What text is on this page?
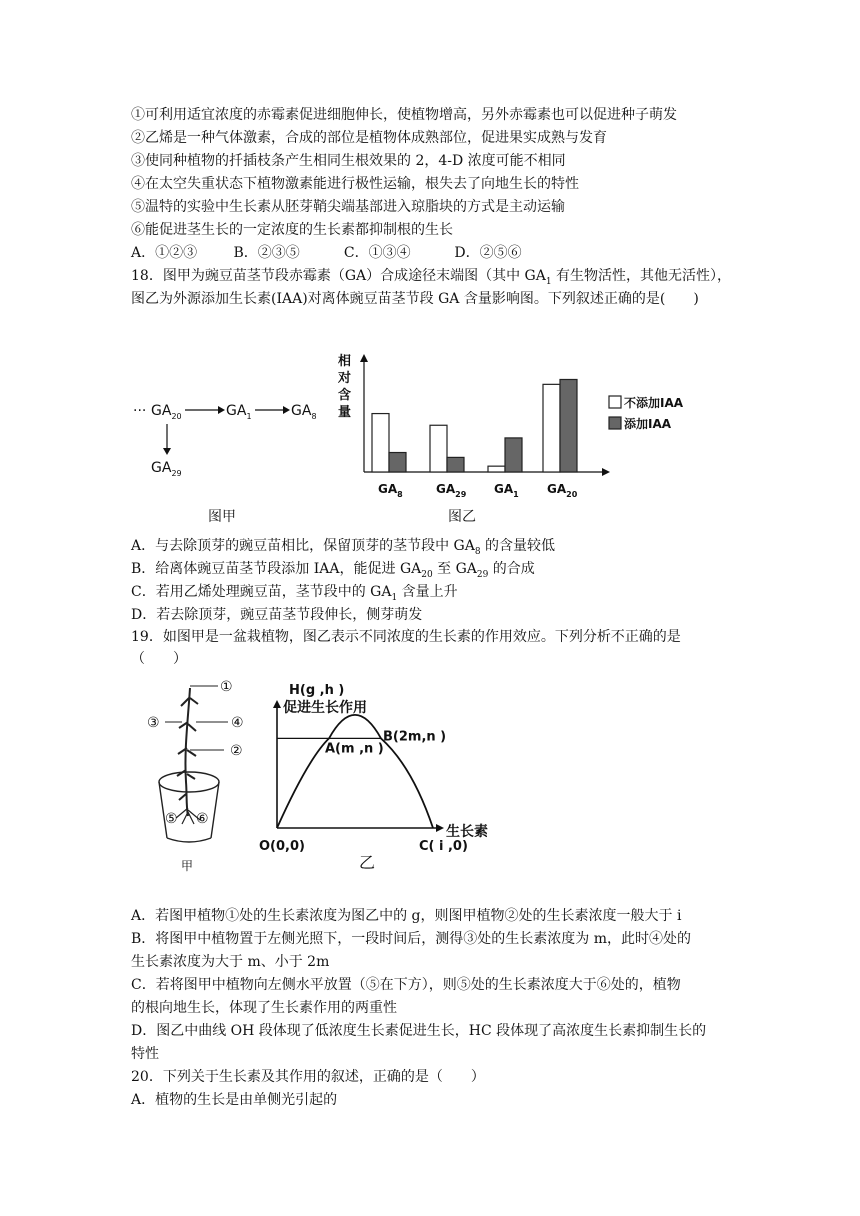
①可利用适宜浓度的赤霉素促进细胞伸长，使植物增高，另外赤霉素也可以促进种子萌发
②乙烯是一种气体激素，合成的部位是植物体成熟部位，促进果实成熟与发育
③使同种植物的扦插枝条产生相同生根效果的 2，4-D 浓度可能不相同
④在太空失重状态下植物激素能进行极性运输，根失去了向地生长的特性
⑤温特的实验中生长素从胚芽鞘尖端基部进入琼脂块的方式是主动运输
⑥能促进茎生长的一定浓度的生长素都抑制根的生长
A．①②③	B．②③⑤	C．①③④	D．②⑤⑥
18．图甲为豌豆苗茎节段赤霉素（GA）合成途径末端图（其中 $GA_1$ 有生物活性，其他无活性），
图乙为外源添加生长素(IAA)对离体豌豆苗茎节段 GA 含量影响图。下列叙述正确的是(　　)
··· $GA_{20}$	$GA_1$	$GA_8$
$GA_{29}$
图甲
相对含量
$GA_8$	$GA_{29}$ $GA_1$ $GA_{20}$
不添加IAA
添加IAA
图乙
A．与去除顶芽的豌豆苗相比，保留顶芽的茎节段中 $GA_8$ 的含量较低
B．给离体豌豆苗茎节段添加 IAA，能促进 $GA_{20}$ 至 $GA_{29}$ 的合成
C．若用乙烯处理豌豆苗，茎节段中的 $GA_1$ 含量上升
D．若去除顶芽，豌豆苗茎节段伸长，侧芽萌发
19．如图甲是一盆栽植物，图乙表示不同浓度的生长素的作用效应。下列分析不正确的是
（　　）
①
②
③	④
⑤ ⑥
甲
促进生长作用
生长素
O(0,0)
A(m ,n )
H(g ,h )
B(2m,n )
C( i ,0)
乙
A．若图甲植物①处的生长素浓度为图乙中的 g，则图甲植物②处的生长素浓度一般大于 i
B．将图甲中植物置于左侧光照下，一段时间后，测得③处的生长素浓度为 m，此时④处的
生长素浓度为大于 m、小于 2m
C．若将图甲中植物向左侧水平放置（⑤在下方），则⑤处的生长素浓度大于⑥处的，植物
的根向地生长，体现了生长素作用的两重性
D．图乙中曲线 OH 段体现了低浓度生长素促进生长，HC 段体现了高浓度生长素抑制生长的
特性
20．下列关于生长素及其作用的叙述，正确的是（　　）
A．植物的生长是由单侧光引起的
